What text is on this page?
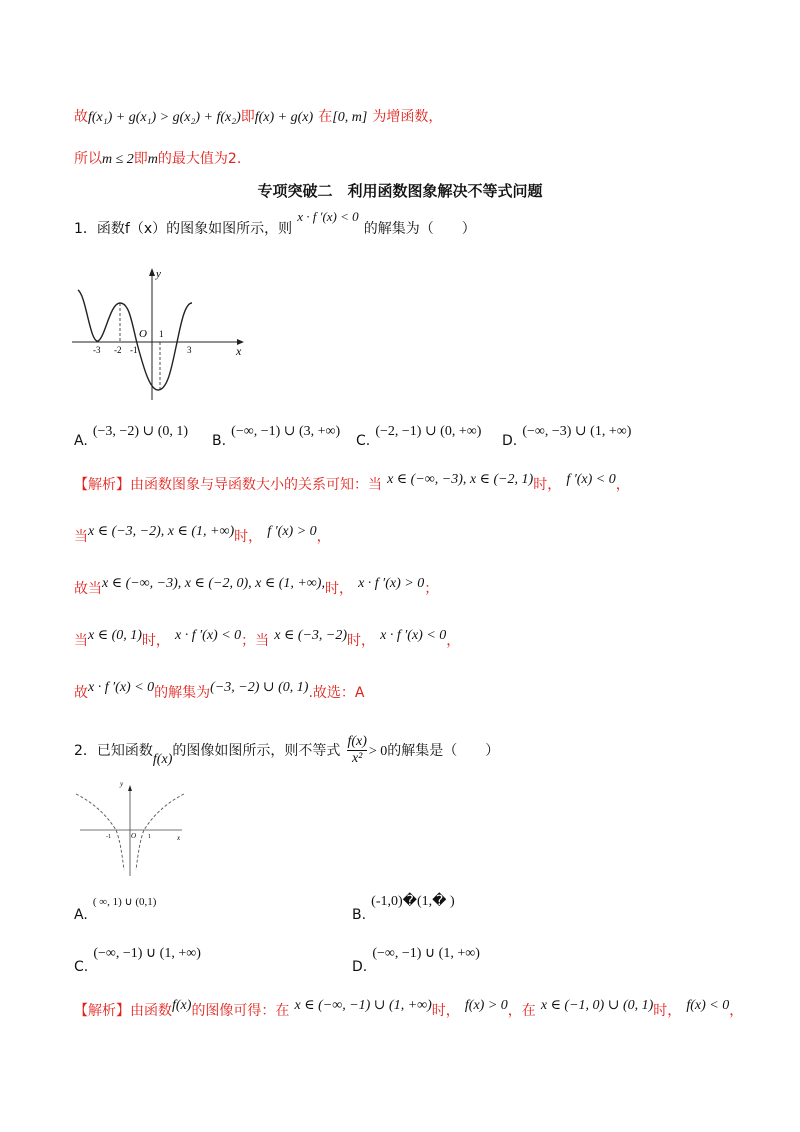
故f(x₁) + g(x₁) > g(x₂) + f(x₂)即f(x) + g(x) 在[0, m] 为增函数，
所以m ≤ 2即m的最大值为2.
专项突破二　利用函数图象解决不等式问题
1．函数f（x）的图象如图所示，则 $^{x \cdot f '(x) < 0}$ 的解集为（　　）
y
x
O
-3 -2 -1
1
3
A. (−3, −2) ∪ (0, 1)
B. (−∞, −1) ∪ (3, +∞)
C. (−2, −1) ∪ (0, +∞)
D. (−∞, −3) ∪ (1, +∞)
【解析】由函数图象与导函数大小的关系可知：当 x ∈ (−∞, −3), x ∈ (−2, 1)时， f ′(x) < 0，
当x ∈ (−3, −2), x ∈ (1, +∞)时， f ′(x) > 0，
故当x ∈ (−∞, −3), x ∈ (−2, 0), x ∈ (1, +∞),时， x · f ′(x) > 0；
当x ∈ (0, 1)时， x · f ′(x) < 0；当 x ∈ (−3, −2)时， x · f ′(x) < 0，
故x · f ′(x) < 0的解集为(−3, −2) ∪ (0, 1).故选：A
2．已知函数f(x)的图像如图所示，则不等式 $\frac{f(x)}{\text{x²}} > 0$的解集是（　　）
y
x
O
-1	1
A. ( ∞, 1) ∪ (0,1)
B. (-1,0)�(1,� )
C. (−∞, −1) ∪ (1, +∞)
D. (−∞, −1) ∪ (1, +∞)
【解析】由函数f(x)的图像可得：在 x ∈ (−∞, −1) ∪ (1, +∞)时， f(x) > 0，在 x ∈ (−1, 0) ∪ (0, 1)时， f(x) < 0，
